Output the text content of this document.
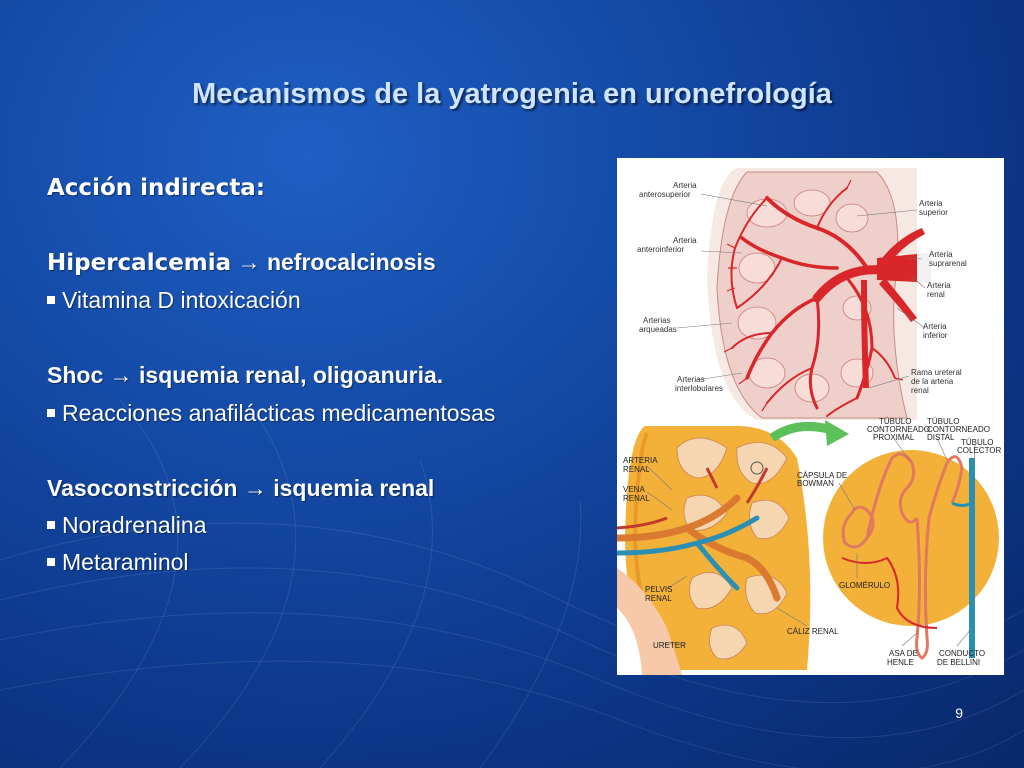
Mecanismos de la yatrogenia en uronefrología
Acción indirecta:
Hipercalcemia → nefrocalcinosis
Vitamina D intoxicación
Shoc → isquemia renal, oligoanuria.
Reacciones anafilácticas medicamentosas
Vasoconstricción → isquemia renal
Noradrenalina
Metaraminol
Arteria anterosuperior
Arteria anteroinferior
Arterias arqueadas
Arterias interlobulares
Arteria superior
Arteria suprarenal
Arteria renal
Arteria inferior
Rama ureteral de la arteria renal
ARTERIA RENAL
VENA RENAL
PELVIS RENAL
URETER
CÁLIZ RENAL
TÚBULO CONTORNEADO PROXIMAL
TÚBULO CONTORNEADO DISTAL
TÚBULO COLECTOR
CÁPSULA DE BOWMAN
GLOMÉRULO
ASA DE HENLE
CONDUCTO DE BELLINI
9
